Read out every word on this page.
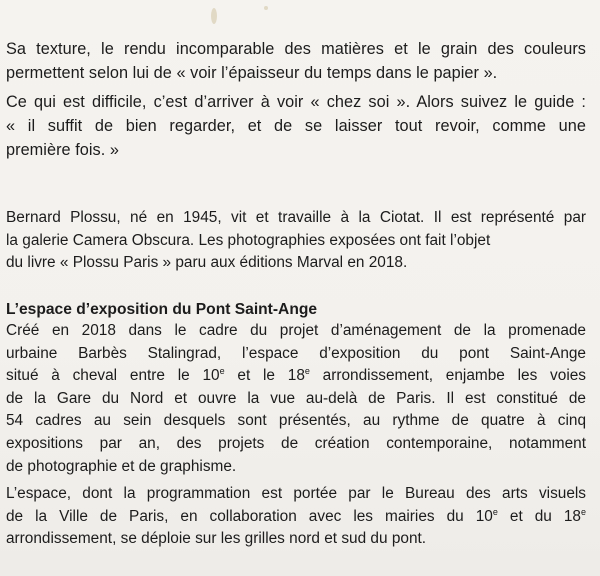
Sa texture, le rendu incomparable des matières et le grain des couleurs
permettent selon lui de « voir l’épaisseur du temps dans le papier ».
Ce qui est difficile, c’est d’arriver à voir « chez soi ». Alors suivez le guide :
« il suffit de bien regarder, et de se laisser tout revoir, comme une
première fois. »
Bernard Plossu, né en 1945, vit et travaille à la Ciotat. Il est représenté par
la galerie Camera Obscura. Les photographies exposées ont fait l’objet
du livre « Plossu Paris » paru aux éditions Marval en 2018.
L’espace d’exposition du Pont Saint-Ange
Créé en 2018 dans le cadre du projet d’aménagement de la promenade
urbaine Barbès Stalingrad, l’espace d’exposition du pont Saint-Ange
situé à cheval entre le 10e et le 18e arrondissement, enjambe les voies
de la Gare du Nord et ouvre la vue au-delà de Paris. Il est constitué de
54 cadres au sein desquels sont présentés, au rythme de quatre à cinq
expositions par an, des projets de création contemporaine, notamment
de photographie et de graphisme.
L’espace, dont la programmation est portée par le Bureau des arts visuels
de la Ville de Paris, en collaboration avec les mairies du 10e et du 18e
arrondissement, se déploie sur les grilles nord et sud du pont.
